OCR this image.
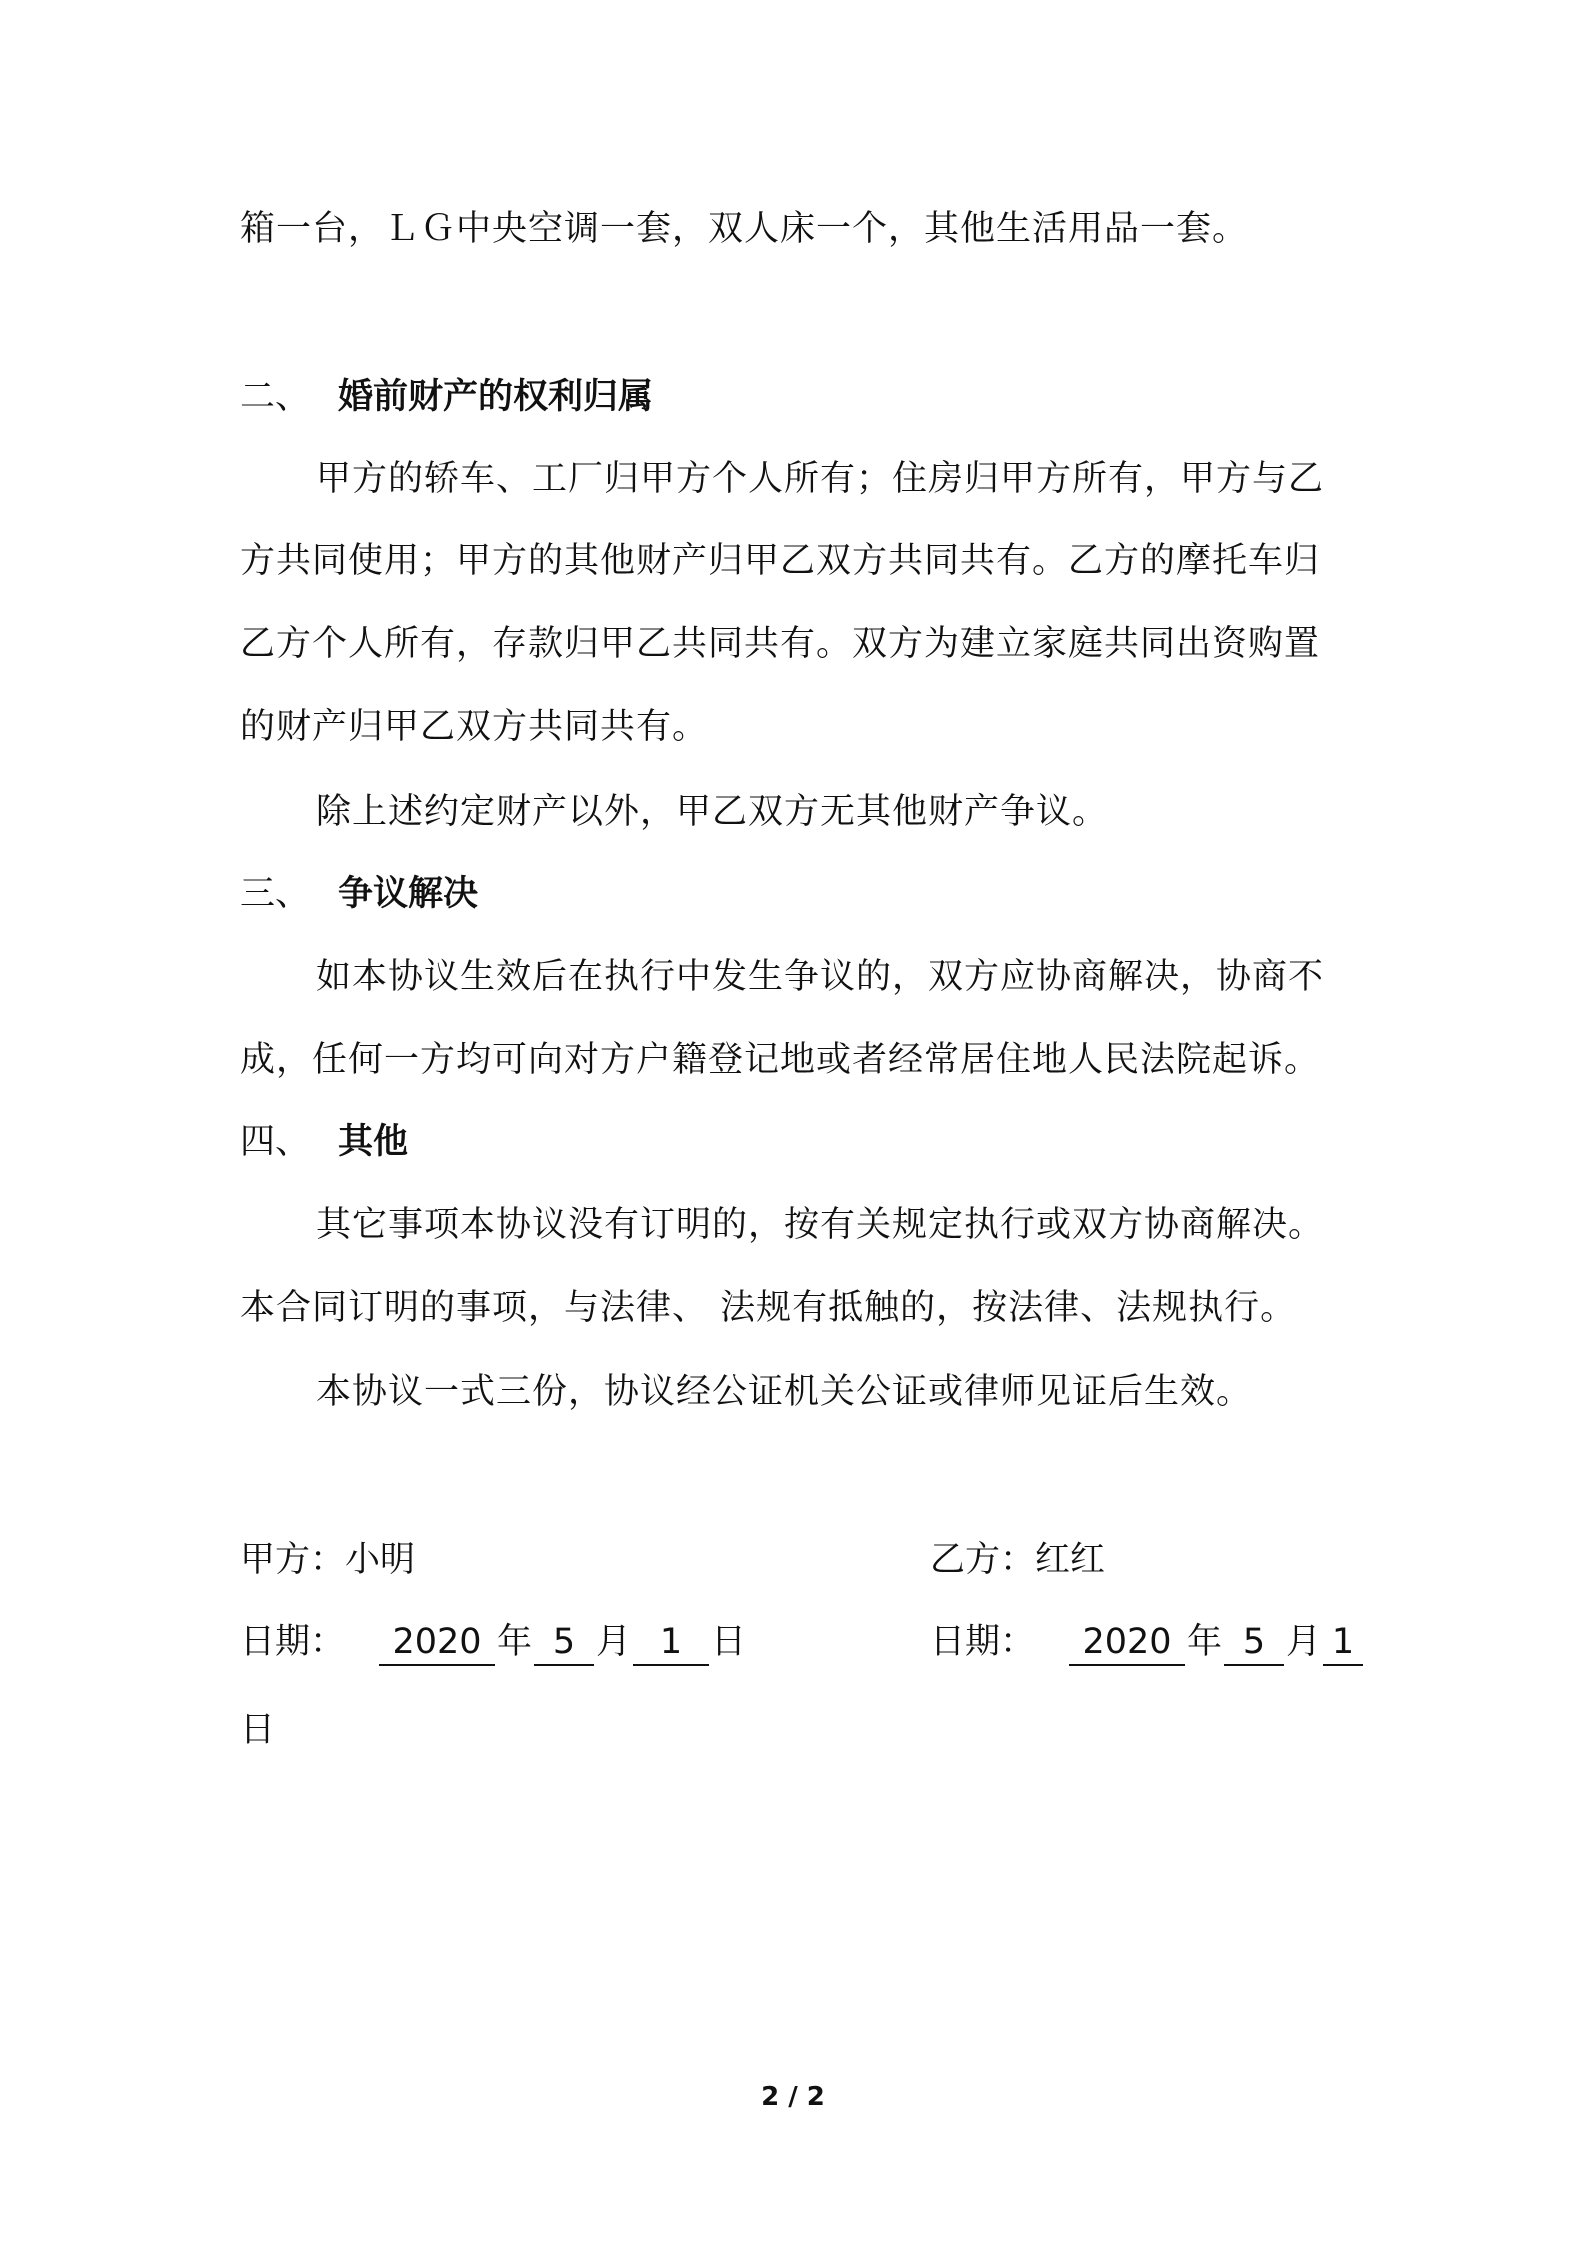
箱一台，ＬＧ中央空调一套，双人床一个，其他生活用品一套。
二、 婚前财产的权利归属
甲方的轿车、工厂归甲方个人所有；住房归甲方所有，甲方与乙
方共同使用；甲方的其他财产归甲乙双方共同共有。乙方的摩托车归
乙方个人所有，存款归甲乙共同共有。双方为建立家庭共同出资购置
的财产归甲乙双方共同共有。
除上述约定财产以外，甲乙双方无其他财产争议。
三、 争议解决
如本协议生效后在执行中发生争议的，双方应协商解决，协商不
成，任何一方均可向对方户籍登记地或者经常居住地人民法院起诉。
四、 其他
其它事项本协议没有订明的，按有关规定执行或双方协商解决。
本合同订明的事项，与法律、 法规有抵触的，按法律、法规执行。
本协议一式三份，协议经公证机关公证或律师见证后生效。
甲方：小明	乙方：红红
日期：	2020 年 5 月 1 日	日期：	2020 年 5 月 1
日
2 / 2
